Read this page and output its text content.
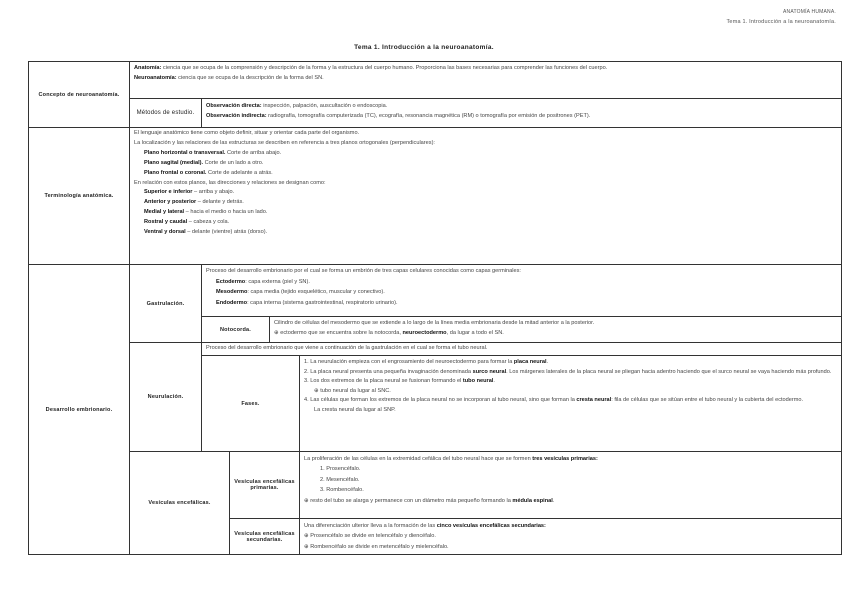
ANATOMÍA HUMANA.
Tema 1. Introducción a la neuroanatomía.
Tema 1. Introducción a la neuroanatomía.
Concepto de neuroanatomía.
Anatomía: ciencia que se ocupa de la comprensión y descripción de la forma y la estructura del cuerpo humano. Proporciona las bases necesarias para comprender las funciones del cuerpo.
Neuroanatomía: ciencia que se ocupa de la descripción de la forma del SN.
Métodos de estudio.
Observación directa: inspección, palpación, auscultación o endoscopia.
Observación indirecta: radiografía, tomografía computerizada (TC), ecografía, resonancia magnética (RM) o tomografía por emisión de positrones (PET).
Terminología anatómica.
El lenguaje anatómico tiene como objeto definir, situar y orientar cada parte del organismo.
La localización y las relaciones de las estructuras se describen en referencia a tres planos ortogonales (perpendiculares):
Plano horizontal o transversal. Corte de arriba abajo.
Plano sagital (medial). Corte de un lado a otro.
Plano frontal o coronal. Corte de adelante a atrás.
En relación con estos planos, las direcciones y relaciones se designan como:
Superior e inferior – arriba y abajo.
Anterior y posterior – delante y detrás.
Medial y lateral – hacia el medio o hacia un lado.
Rostral y caudal – cabeza y cola.
Ventral y dorsal – delante (vientre) atrás (dorso).
Desarrollo embrionario.
Gastrulación.
Proceso del desarrollo embrionario por el cual se forma un embrión de tres capas celulares conocidas como capas germinales:
Ectodermo: capa externa (piel y SN).
Mesodermo: capa media (tejido esquelético, muscular y conectivo).
Endodermo: capa interna (sistema gastrointestinal, respiratorio urinario).
Notocorda.
Cilindro de células del mesodermo que se extiende a lo largo de la línea media embrionaria desde la mitad anterior a la posterior.
⊕ ectodermo que se encuentra sobre la notocorda, neuroectodermo, da lugar a todo el SN.
Neurulación.
Proceso del desarrollo embrionario que viene a continuación de la gastrulación en el cual se forma el tubo neural.
Fases.
1. La neurulación empieza con el engrosamiento del neuroectodermo para formar la placa neural.
2. La placa neural presenta una pequeña invaginación denominada surco neural. Los márgenes laterales de la placa neural se pliegan hacia adentro haciendo que el surco neural se vaya haciendo más profundo.
3. Los dos extremos de la placa neural se fusionan formando el tubo neural.
⊕ tubo neural da lugar al SNC.
4. Las células que forman los extremos de la placa neural no se incorporan al tubo neural, sino que forman la cresta neural: fila de células que se sitúan entre el tubo neural y la cubierta del ectodermo.
La cresta neural da lugar al SNP.
Vesículas encefálicas.
Vesículas encefálicas primarias.
La proliferación de las células en la extremidad cefálica del tubo neural hace que se formen tres vesículas primarias:
1. Prosencéfalo.
2. Mesencéfalo.
3. Rombencéfalo.
⊕ resto del tubo se alarga y permanece con un diámetro más pequeño formando la médula espinal.
Vesículas encefálicas secundarias.
Una diferenciación ulterior lleva a la formación de las cinco vesículas encefálicas secundarias:
⊕ Prosencéfalo se divide en telencéfalo y diencéfalo.
⊕ Rombencéfalo se divide en metencéfalo y mielencéfalo.
